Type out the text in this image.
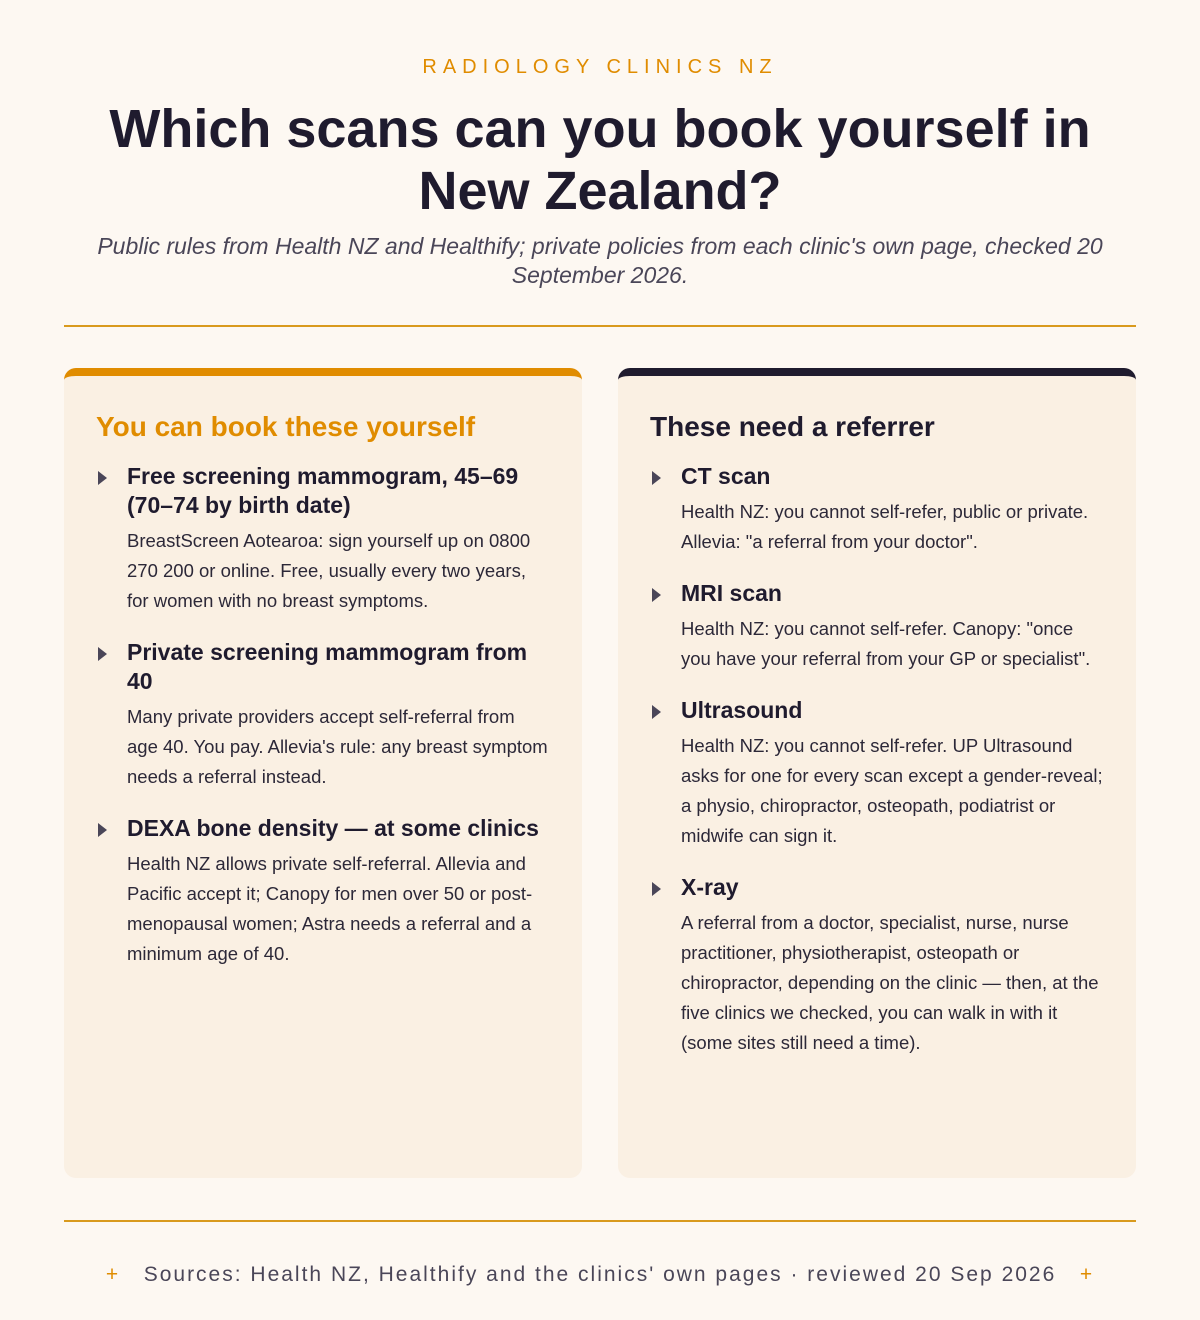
RADIOLOGY CLINICS NZ
Which scans can you book yourself in New Zealand?
Public rules from Health NZ and Healthify; private policies from each clinic's own page, checked 20 September 2026.
You can book these yourself
Free screening mammogram, 45–69 (70–74 by birth date)

BreastScreen Aotearoa: sign yourself up on 0800 270 200 or online. Free, usually every two years, for women with no breast symptoms.

Private screening mammogram from 40

Many private providers accept self-referral from age 40. You pay. Allevia's rule: any breast symptom needs a referral instead.

DEXA bone density — at some clinics

Health NZ allows private self-referral. Allevia and Pacific accept it; Canopy for men over 50 or post-menopausal women; Astra needs a referral and a minimum age of 40.

These need a referrer
CT scan

Health NZ: you cannot self-refer, public or private. Allevia: "a referral from your doctor".

MRI scan

Health NZ: you cannot self-refer. Canopy: "once you have your referral from your GP or specialist".

Ultrasound

Health NZ: you cannot self-refer. UP Ultrasound asks for one for every scan except a gender-reveal; a physio, chiropractor, osteopath, podiatrist or midwife can sign it.

X-ray

A referral from a doctor, specialist, nurse, nurse practitioner, physiotherapist, osteopath or chiropractor, depending on the clinic — then, at the five clinics we checked, you can walk in with it (some sites still need a time).

+ Sources: Health NZ, Healthify and the clinics' own pages · reviewed 20 Sep 2026 +
